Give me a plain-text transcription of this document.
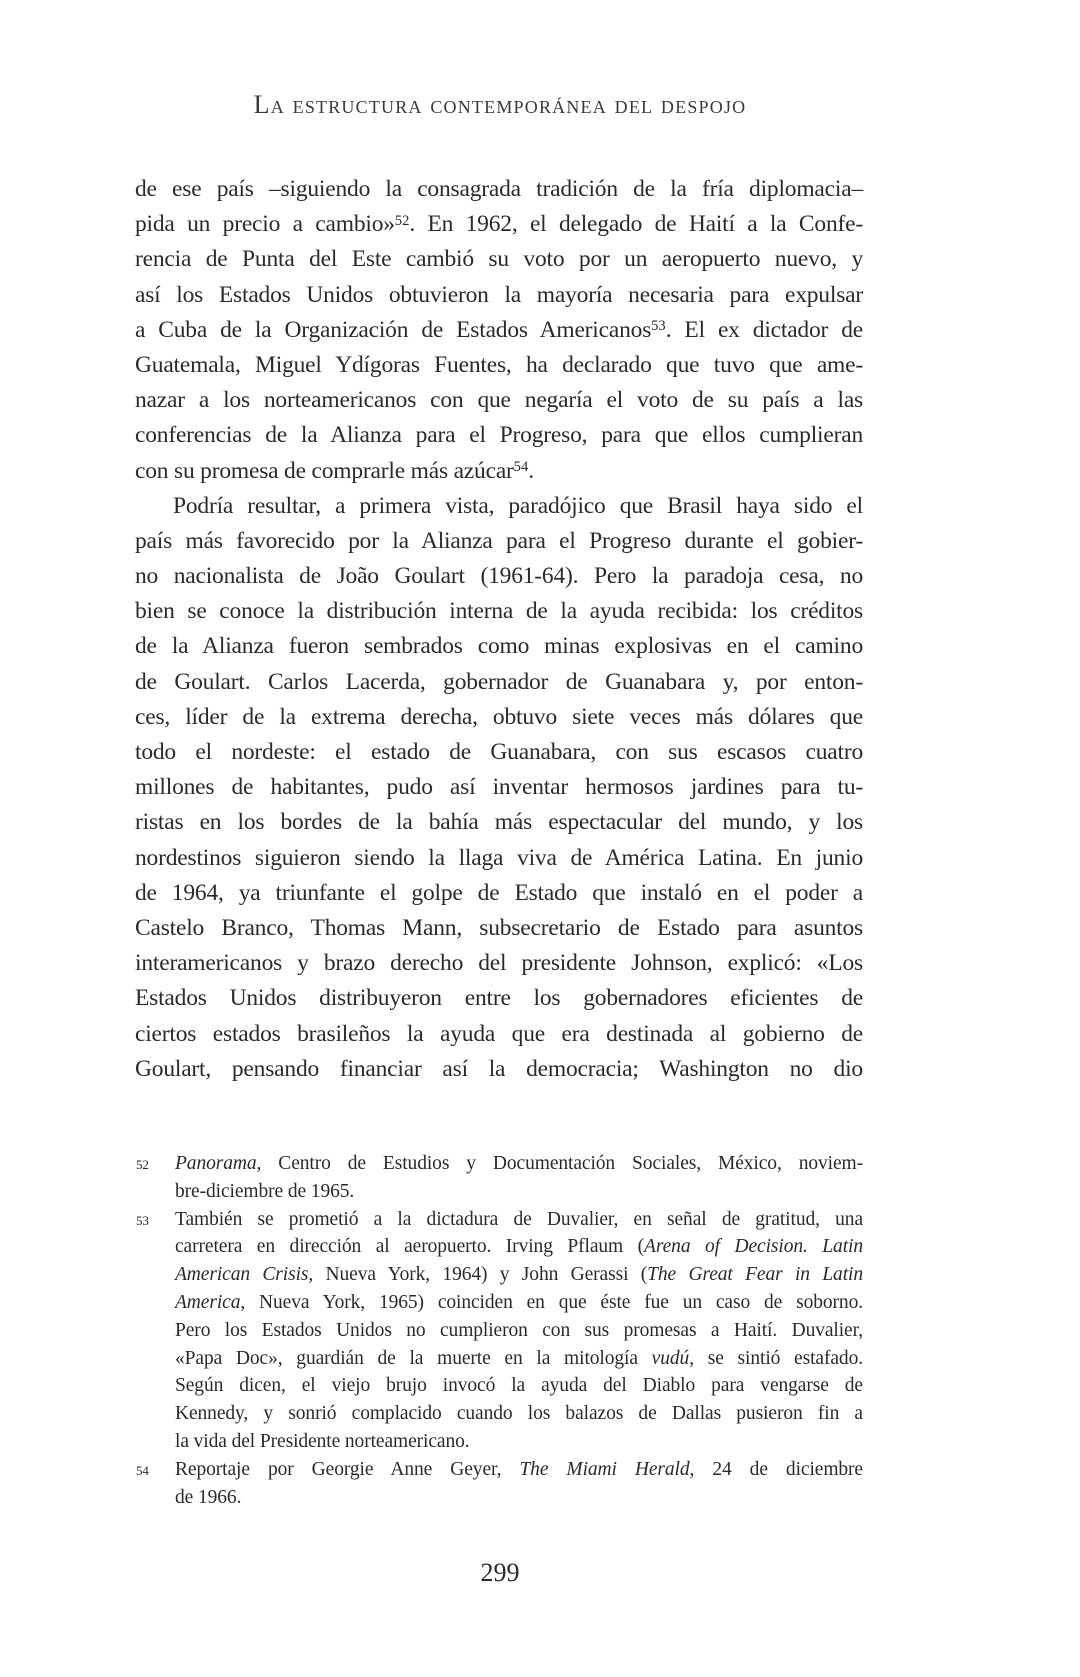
La estructura contemporánea del despojo
de ese país –siguiendo la consagrada tradición de la fría diplomacia–
pida un precio a cambio»$^{52}$. En 1962, el delegado de Haití a la Confe-
rencia de Punta del Este cambió su voto por un aeropuerto nuevo, y
así los Estados Unidos obtuvieron la mayoría necesaria para expulsar
a Cuba de la Organización de Estados Americanos$^{53}$. El ex dictador de
Guatemala, Miguel Ydígoras Fuentes, ha declarado que tuvo que ame-
nazar a los norteamericanos con que negaría el voto de su país a las
conferencias de la Alianza para el Progreso, para que ellos cumplieran
con su promesa de comprarle más azúcar$^{54}$.
Podría resultar, a primera vista, paradójico que Brasil haya sido el
país más favorecido por la Alianza para el Progreso durante el gobier-
no nacionalista de João Goulart (1961-64). Pero la paradoja cesa, no
bien se conoce la distribución interna de la ayuda recibida: los créditos
de la Alianza fueron sembrados como minas explosivas en el camino
de Goulart. Carlos Lacerda, gobernador de Guanabara y, por enton-
ces, líder de la extrema derecha, obtuvo siete veces más dólares que
todo el nordeste: el estado de Guanabara, con sus escasos cuatro
millones de habitantes, pudo así inventar hermosos jardines para tu-
ristas en los bordes de la bahía más espectacular del mundo, y los
nordestinos siguieron siendo la llaga viva de América Latina. En junio
de 1964, ya triunfante el golpe de Estado que instaló en el poder a
Castelo Branco, Thomas Mann, subsecretario de Estado para asuntos
interamericanos y brazo derecho del presidente Johnson, explicó: «Los
Estados Unidos distribuyeron entre los gobernadores eficientes de
ciertos estados brasileños la ayuda que era destinada al gobierno de
Goulart, pensando financiar así la democracia; Washington no dio
52 Panorama, Centro de Estudios y Documentación Sociales, México, noviem-
bre-diciembre de 1965.
53 También se prometió a la dictadura de Duvalier, en señal de gratitud, una
carretera en dirección al aeropuerto. Irving Pflaum (Arena of Decision. Latin
American Crisis, Nueva York, 1964) y John Gerassi (The Great Fear in Latin
America, Nueva York, 1965) coinciden en que éste fue un caso de soborno.
Pero los Estados Unidos no cumplieron con sus promesas a Haití. Duvalier,
«Papa Doc», guardián de la muerte en la mitología vudú, se sintió estafado.
Según dicen, el viejo brujo invocó la ayuda del Diablo para vengarse de
Kennedy, y sonrió complacido cuando los balazos de Dallas pusieron fin a
la vida del Presidente norteamericano.
54 Reportaje por Georgie Anne Geyer, The Miami Herald, 24 de diciembre
de 1966.
299
